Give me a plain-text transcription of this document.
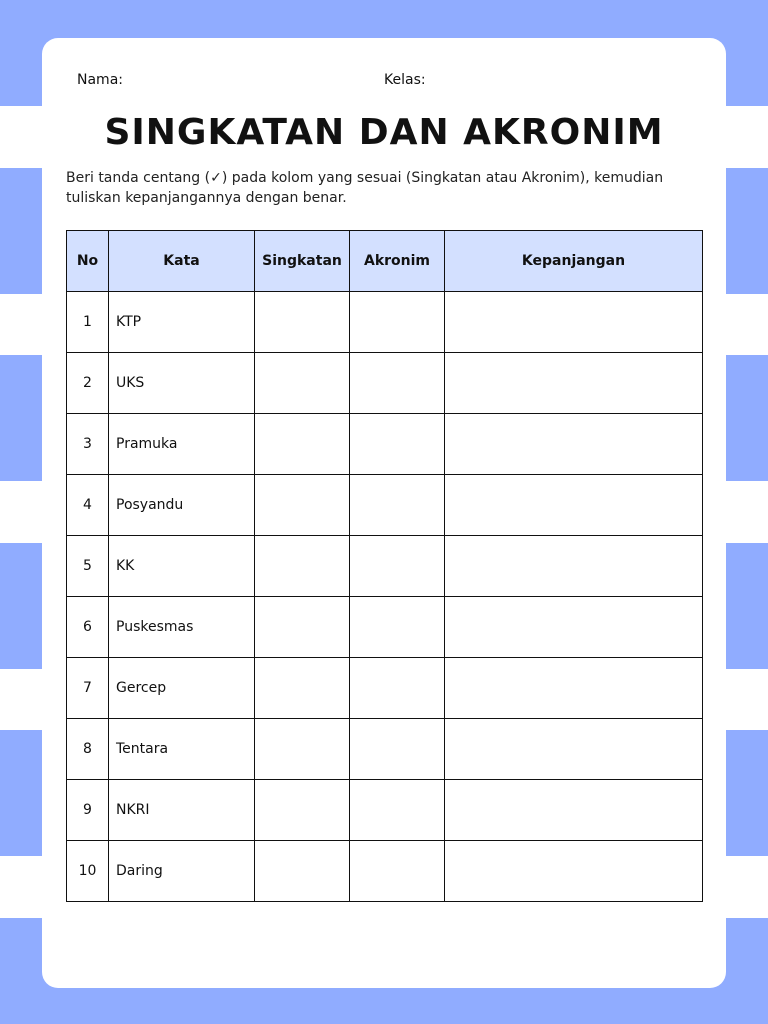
Nama:	Kelas:
SINGKATAN DAN AKRONIM

Beri tanda centang (✓) pada kolom yang sesuai (Singkatan atau Akronim), kemudian tuliskan kepanjangannya dengan benar.

No	Kata	Singkatan	Akronim	Kepanjangan
1	KTP			
2	UKS			
3	Pramuka			
4	Posyandu			
5	KK			
6	Puskesmas			
7	Gercep			
8	Tentara			
9	NKRI			
10	Daring			
